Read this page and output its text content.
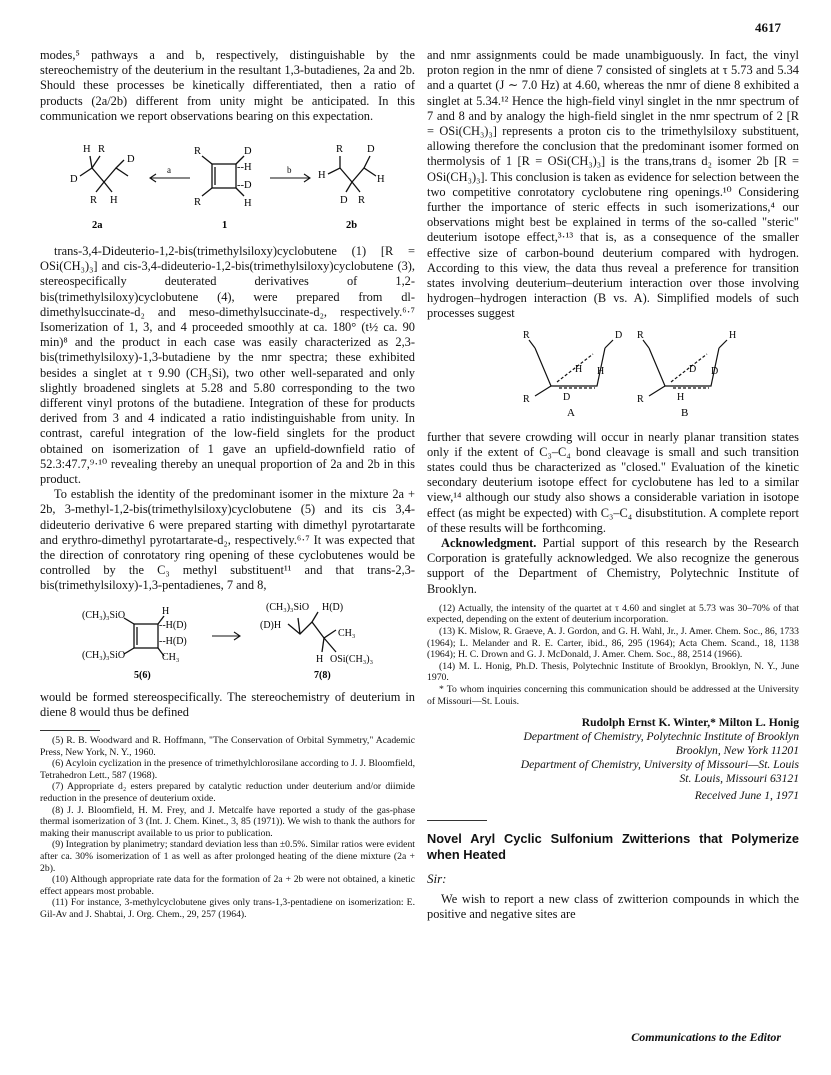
4617

modes,⁵ pathways a and b, respectively, distinguishable by the stereochemistry of the deuterium in the resultant 1,3-butadienes, 2a and 2b. Should these processes be kinetically differentiated, then a ratio of products (2a/2b) different from unity might be anticipated. In this communication we report observations bearing on this expectation.

H R
D
D
R H
a
R
R
D
‑‑H
‑‑D
H
b
R D
H	H
D R
2a	1	2b

trans-3,4-Dideuterio-1,2-bis(trimethylsiloxy)cyclobutene (1) [R = OSi(CH₃)₃] and cis-3,4-dideuterio-1,2-bis(trimethylsiloxy)cyclobutene (3), stereospecifically deuterated derivatives of 1,2-bis(trimethylsiloxy)cyclobutene (4), were prepared from dl-dimethylsuccinate-d₂ and meso-dimethylsuccinate-d₂, respectively.⁶·⁷ Isomerization of 1, 3, and 4 proceeded smoothly at ca. 180° (t½ ca. 90 min)⁸ and the product in each case was easily characterized as 2,3-bis(trimethylsiloxy)-1,3-butadiene by the nmr spectra; these exhibited besides a singlet at τ 9.90 (CH₃Si), two other well-separated and only slightly broadened singlets at 5.28 and 5.80 corresponding to the two different vinyl protons of the butadiene. Integration of these for products derived from 3 and 4 indicated a ratio indistinguishable from unity. In contrast, careful integration of the low-field singlets for the product obtained on isomerization of 1 gave an upfield-downfield ratio of 52.3:47.7,⁹·¹⁰ revealing thereby an unequal proportion of 2a and 2b in this product.

To establish the identity of the predominant isomer in the mixture 2a + 2b, 3-methyl-1,2-bis(trimethylsiloxy)cyclobutene (5) and its cis 3,4-dideuterio derivative 6 were prepared starting with dimethyl pyrotartarate and erythro-dimethyl pyrotartarate-d₂, respectively.⁶·⁷ It was expected that the direction of conrotatory ring opening of these cyclobutenes would be controlled by the C₃ methyl substituent¹¹ and that trans-2,3-bis(trimethylsiloxy)-1,3-pentadienes, 7 and 8,

(CH₃)₃SiO
(CH₃)₃SiO
H
‑‑H(D)
‑‑H(D)
CH₃
(CH₃)₃SiO H(D)
(D)H
CH₃
H OSi(CH₃)₃
5(6)	7(8)

would be formed stereospecifically. The stereochemistry of deuterium in diene 8 would thus be defined

(5) R. B. Woodward and R. Hoffmann, "The Conservation of Orbital Symmetry," Academic Press, New York, N. Y., 1960.

(6) Acyloin cyclization in the presence of trimethylchlorosilane according to J. J. Bloomfield, Tetrahedron Lett., 587 (1968).

(7) Appropriate d₂ esters prepared by catalytic reduction under deuterium and/or diimide reduction in the presence of deuterium oxide.

(8) J. J. Bloomfield, H. M. Frey, and J. Metcalfe have reported a study of the gas-phase thermal isomerization of 3 (Int. J. Chem. Kinet., 3, 85 (1971)). We wish to thank the authors for making their manuscript available to us prior to publication.

(9) Integration by planimetry; standard deviation less than ±0.5%. Similar ratios were evident after ca. 30% isomerization of 1 as well as after prolonged heating of the diene mixture (2a + 2b).

(10) Although appropriate rate data for the formation of 2a + 2b were not obtained, a kinetic effect appears most probable.

(11) For instance, 3-methylcyclobutene gives only trans-1,3-pentadiene on isomerization: E. Gil-Av and J. Shabtai, J. Org. Chem., 29, 257 (1964).

and nmr assignments could be made unambiguously. In fact, the vinyl proton region in the nmr of diene 7 consisted of singlets at τ 5.73 and 5.34 and a quartet (J ∼ 7.0 Hz) at 4.60, whereas the nmr of diene 8 exhibited a singlet at 5.34.¹² Hence the high-field vinyl singlet in the nmr spectrum of 7 and 8 and by analogy the high-field singlet in the nmr spectrum of 2 [R = OSi(CH₃)₃] represents a proton cis to the trimethylsiloxy substituent, allowing therefore the conclusion that the predominant isomer formed on thermolysis of 1 [R = OSi(CH₃)₃] is the trans,trans d₂ isomer 2b [R = OSi(CH₃)₃]. This conclusion is taken as evidence for selection between the two competitive conrotatory cyclobutene ring openings.¹⁰ Considering further the importance of steric effects in such isomerizations,⁴ our observations might best be explained in terms of the so-called "steric" deuterium isotope effect,³·¹³ that is, as a consequence of the smaller effective size of carbon-bound deuterium compared with hydrogen. According to this view, the data thus reveal a preference for transition states involving deuterium–deuterium interaction over those involving hydrogen–hydrogen interaction (B vs. A). Simplified models of such processes suggest

R	D
H H
R	D
A
R	H
D D
R	H
B

further that severe crowding will occur in nearly planar transition states only if the extent of C₃–C₄ bond cleavage is small and such transition states could thus be characterized as "closed." Evaluation of the kinetic secondary deuterium isotope effect for cyclobutene has led to a similar view,¹⁴ although our study also shows a considerable variation in isotope effect (as might be expected) with C₃–C₄ disubstitution. A complete report of these results will be forthcoming.

Acknowledgment. Partial support of this research by the Research Corporation is gratefully acknowledged. We also recognize the generous support of the Department of Chemistry, Polytechnic Institute of Brooklyn.

(12) Actually, the intensity of the quartet at τ 4.60 and singlet at 5.73 was 30–70% of that expected, depending on the extent of deuterium incorporation.

(13) K. Mislow, R. Graeve, A. J. Gordon, and G. H. Wahl, Jr., J. Amer. Chem. Soc., 86, 1733 (1964); L. Melander and R. E. Carter, ibid., 86, 295 (1964); Acta Chem. Scand., 18, 1138 (1964); H. C. Drown and G. J. McDonald, J. Amer. Chem. Soc., 88, 2514 (1966).

(14) M. L. Honig, Ph.D. Thesis, Polytechnic Institute of Brooklyn, Brooklyn, N. Y., June 1970.

* To whom inquiries concerning this communication should be addressed at the University of Missouri—St. Louis.

Rudolph Ernst K. Winter,* Milton L. Honig
Department of Chemistry, Polytechnic Institute of Brooklyn
Brooklyn, New York 11201
Department of Chemistry, University of Missouri—St. Louis
St. Louis, Missouri 63121
Received June 1, 1971
Novel Aryl Cyclic Sulfonium Zwitterions that Polymerize when Heated
Sir:

We wish to report a new class of zwitterion compounds in which the positive and negative sites are

Communications to the Editor
